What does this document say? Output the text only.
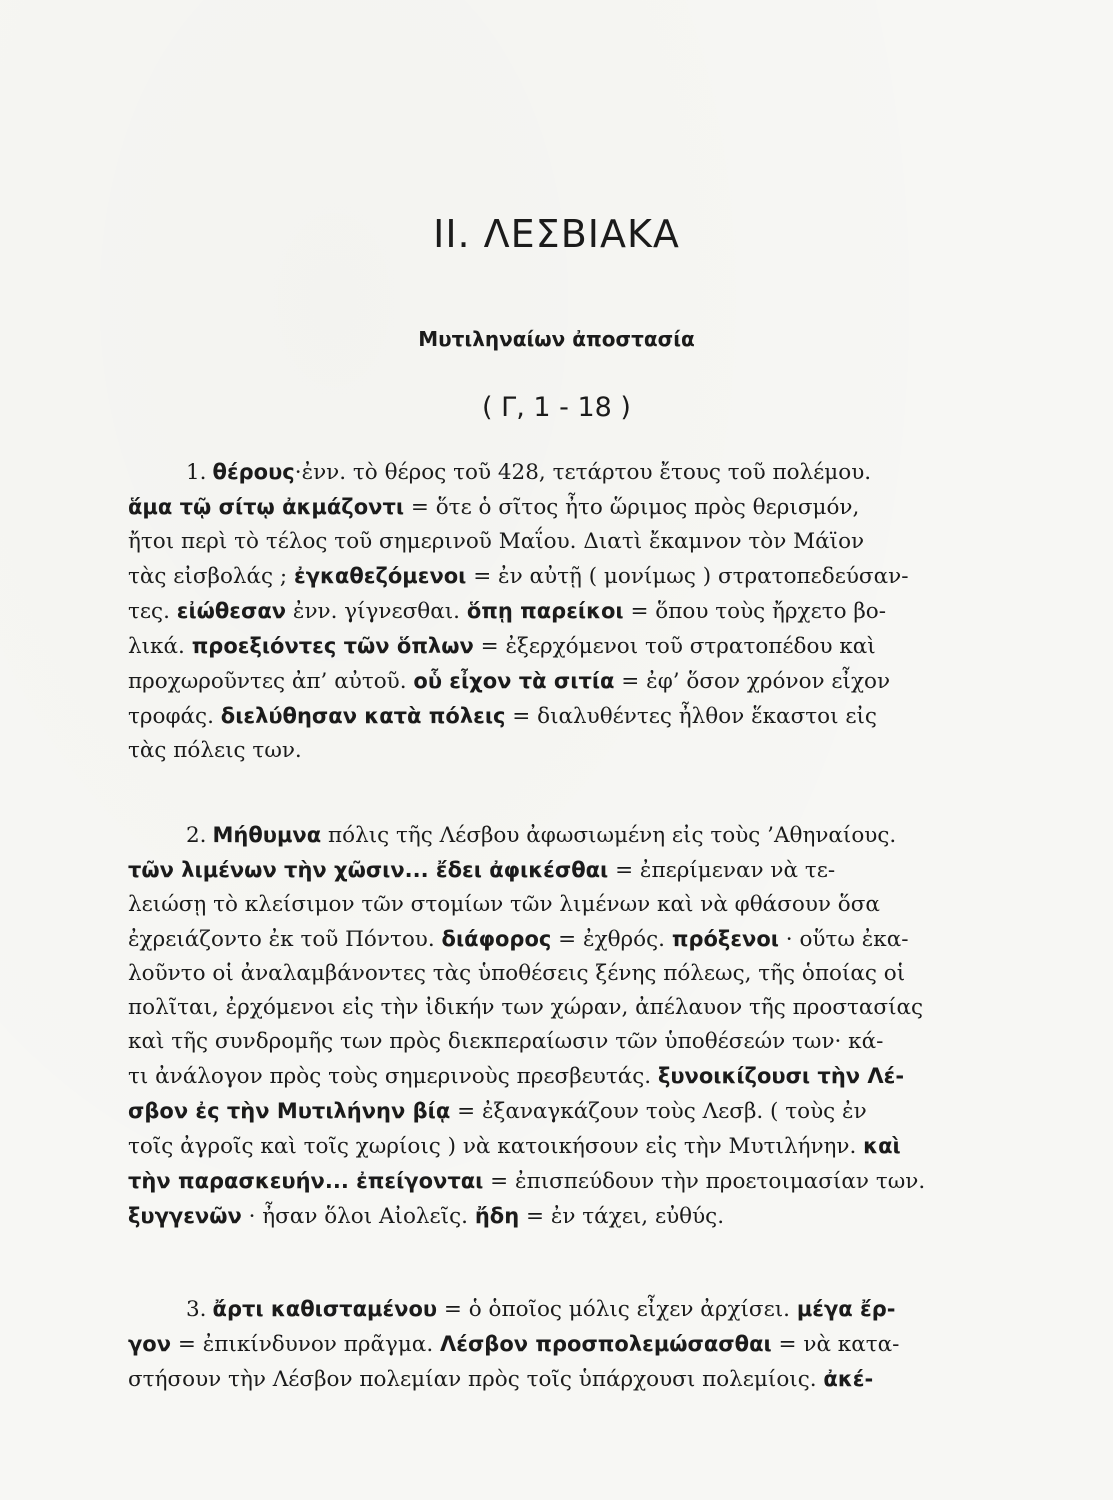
ΙΙ. ΛΕΣΒΙΑΚΑ
Μυτιληναίων ἀποστασία
( Γ, 1 - 18 )
1. θέρους·ἐνν. τὸ θέρος τοῦ 428, τετάρτου ἔτους τοῦ πολέμου.
ἅμα τῷ σίτῳ ἀκμάζοντι = ὅτε ὁ σῖτος ἦτο ὥριμος πρὸς θερισμόν,
ἤτοι περὶ τὸ τέλος τοῦ σημερινοῦ Μαΐου. Διατὶ ἔκαμνον τὸν Μάϊον
τὰς εἰσβολάς ; ἐγκαθεζόμενοι = ἐν αὐτῇ ( μονίμως ) στρατοπεδεύσαν-
τες. εἰώθεσαν ἐνν. γίγνεσθαι. ὅπῃ παρείκοι = ὅπου τοὺς ἤρχετο βο-
λικά. προεξιόντες τῶν ὅπλων = ἐξερχόμενοι τοῦ στρατοπέδου καὶ
προχωροῦντες ἀπ’ αὐτοῦ. οὗ εἶχον τὰ σιτία = ἐφ’ ὅσον χρόνον εἶχον
τροφάς. διελύθησαν κατὰ πόλεις = διαλυθέντες ἦλθον ἕκαστοι εἰς
τὰς πόλεις των.
2. Μήθυμνα πόλις τῆς Λέσβου ἀφωσιωμένη εἰς τοὺς ’Αθηναίους.
τῶν λιμένων τὴν χῶσιν... ἔδει ἀφικέσθαι = ἐπερίμεναν νὰ τε-
λειώσῃ τὸ κλείσιμον τῶν στομίων τῶν λιμένων καὶ νὰ φθάσουν ὅσα
ἐχρειάζοντο ἐκ τοῦ Πόντου. διάφορος = ἐχθρός. πρόξενοι · οὕτω ἐκα-
λοῦντο οἱ ἀναλαμβάνοντες τὰς ὑποθέσεις ξένης πόλεως, τῆς ὁποίας οἱ
πολῖται, ἐρχόμενοι εἰς τὴν ἰδικήν των χώραν, ἀπέλαυον τῆς προστασίας
καὶ τῆς συνδρομῆς των πρὸς διεκπεραίωσιν τῶν ὑποθέσεών των· κά-
τι ἀνάλογον πρὸς τοὺς σημερινοὺς πρεσβευτάς. ξυνοικίζουσι τὴν Λέ-
σβον ἐς τὴν Μυτιλήνην βίᾳ = ἐξαναγκάζουν τοὺς Λεσβ. ( τοὺς ἐν
τοῖς ἀγροῖς καὶ τοῖς χωρίοις ) νὰ κατοικήσουν εἰς τὴν Μυτιλήνην. καὶ
τὴν παρασκευήν... ἐπείγονται = ἐπισπεύδουν τὴν προετοιμασίαν των.
ξυγγενῶν · ἦσαν ὅλοι Αἰολεῖς. ἤδη = ἐν τάχει, εὐθύς.
3. ἄρτι καθισταμένου = ὁ ὁποῖος μόλις εἶχεν ἀρχίσει. μέγα ἔρ-
γον = ἐπικίνδυνον πρᾶγμα. Λέσβον προσπολεμώσασθαι = νὰ κατα-
στήσουν τὴν Λέσβον πολεμίαν πρὸς τοῖς ὑπάρχουσι πολεμίοις. ἀκέ-
